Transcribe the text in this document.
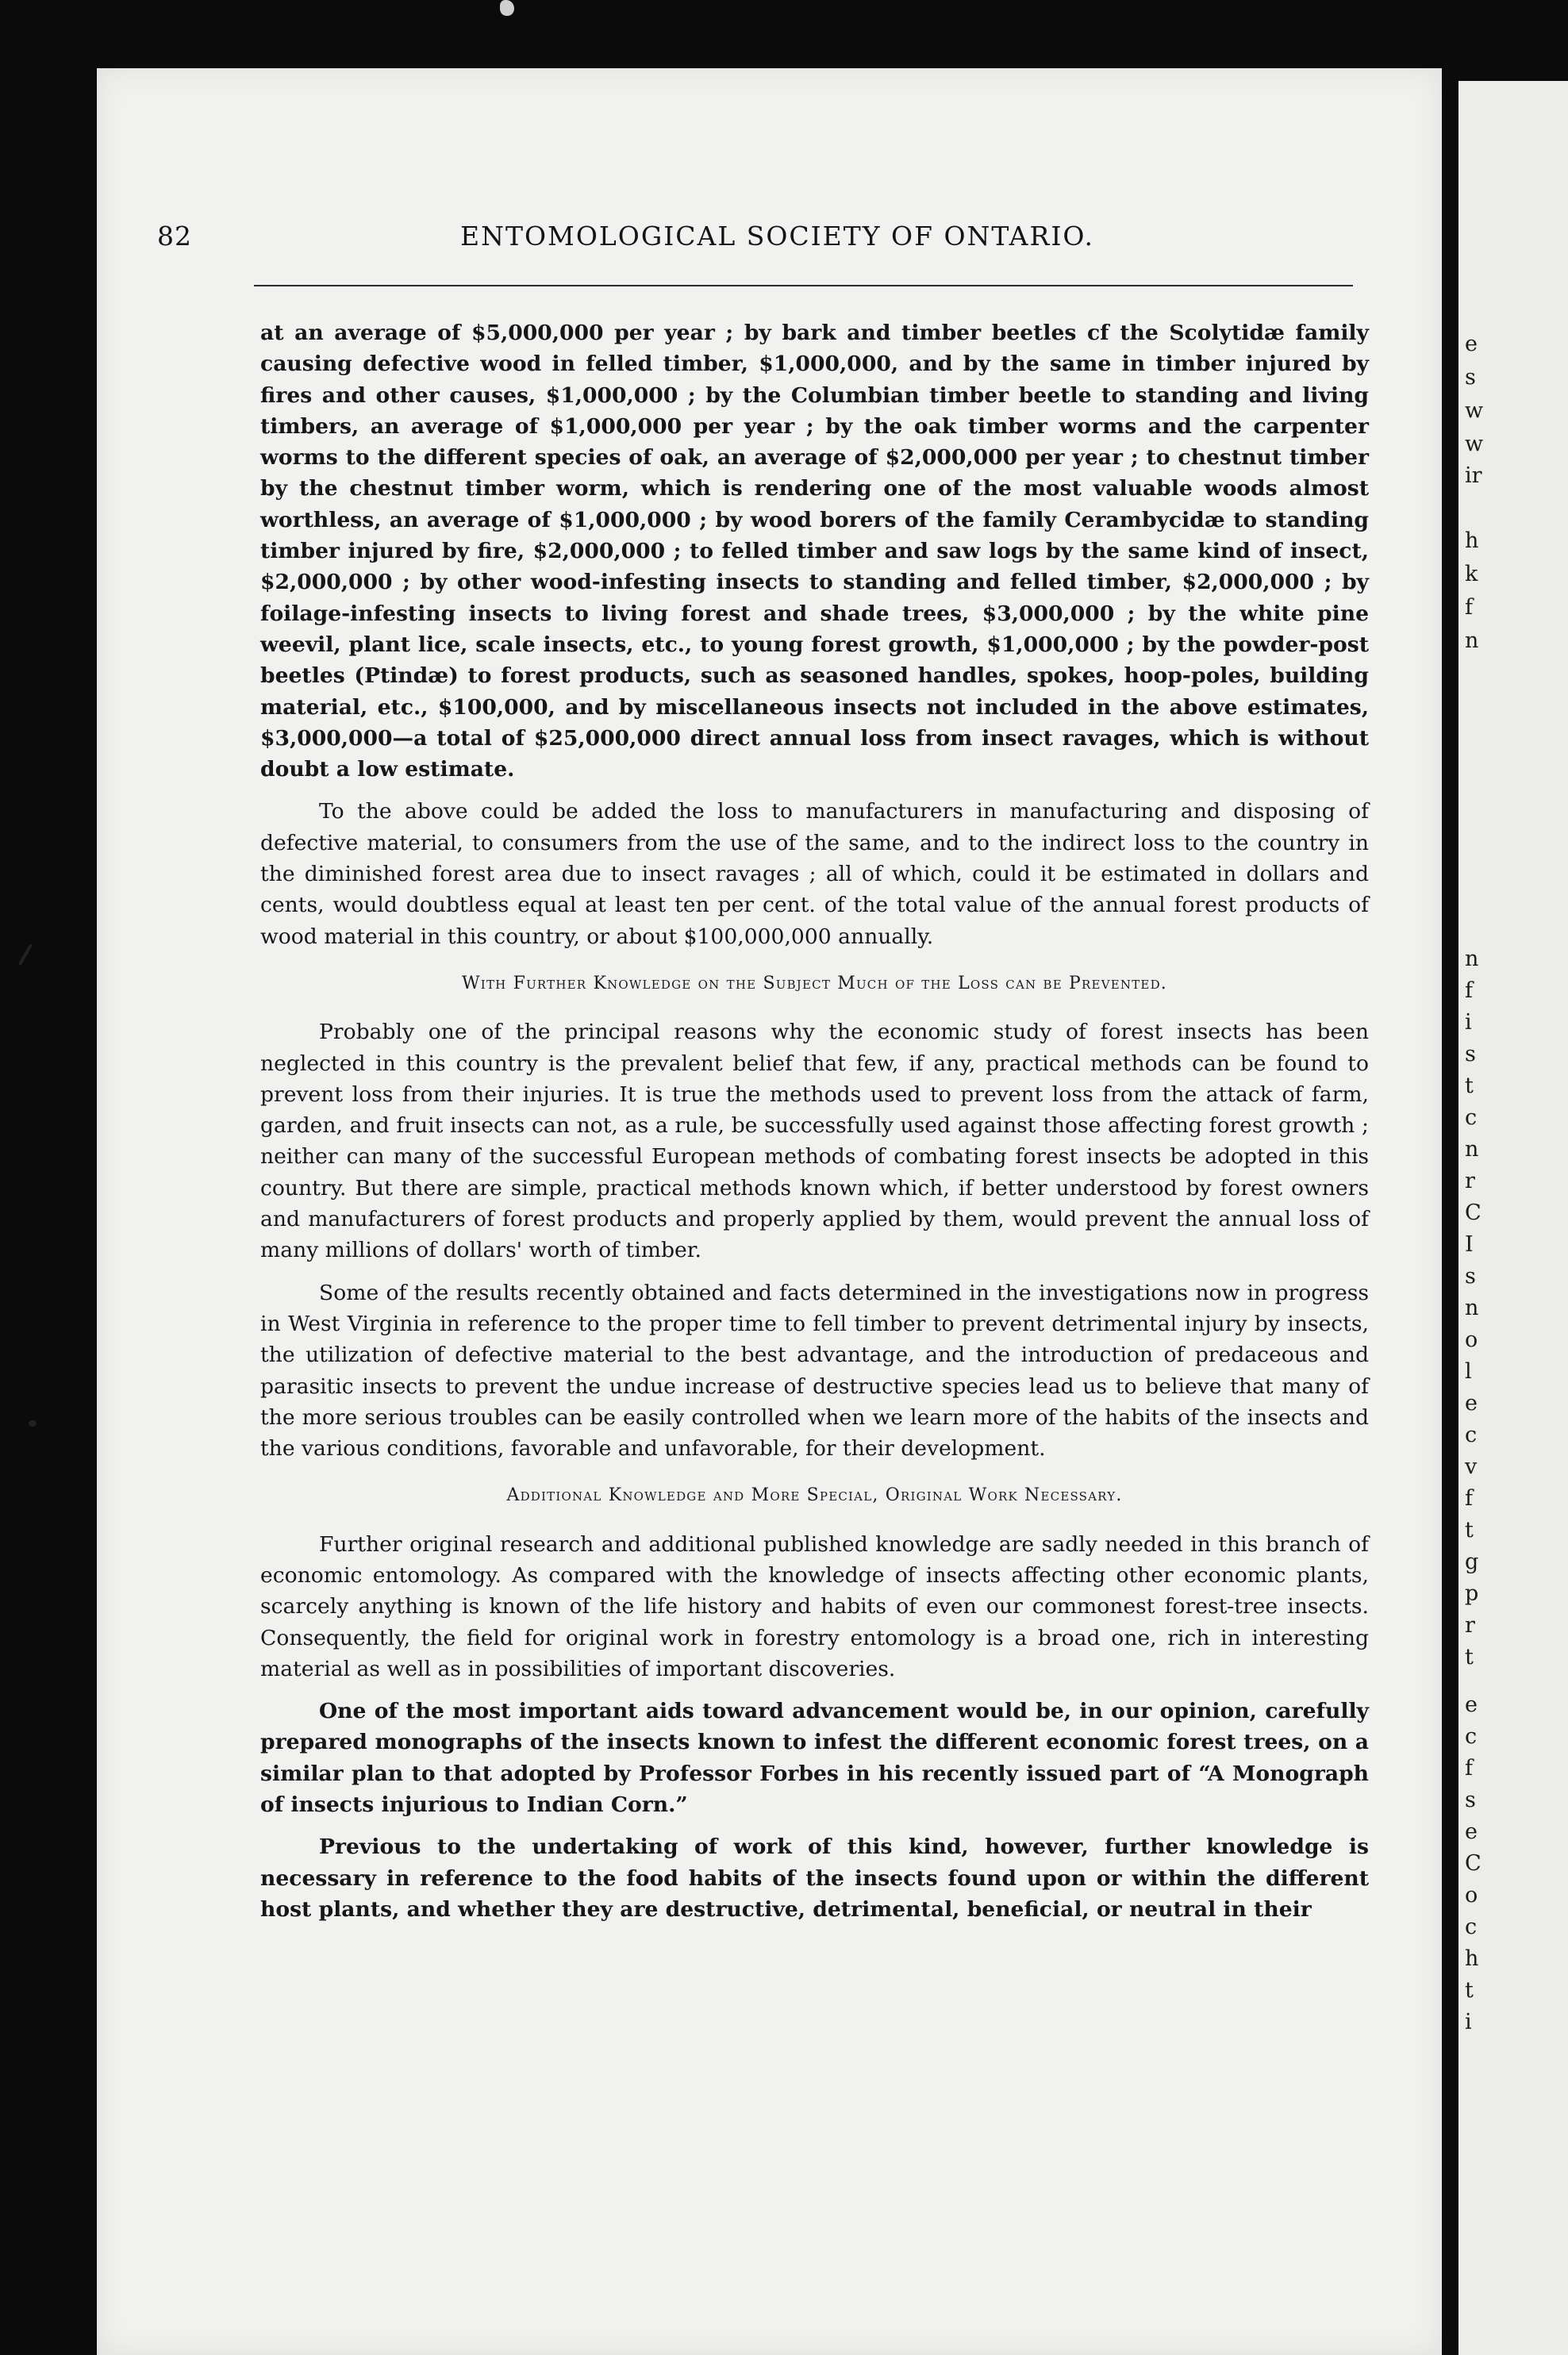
e
s
w
w
ir
h
k
f
n
n
f
i
s
t
c
n
r
C
I
s
n
o
l
e
c
v
f
t
g
p
r
t
e
c
f
s
e
C
o
c
h
t
i
82	ENTOMOLOGICAL SOCIETY OF ONTARIO.

at an average of $5,000,000 per year ; by bark and timber beetles cf the Scolytidæ family causing defective wood in felled timber, $1,000,000, and by the same in timber injured by fires and other causes, $1,000,000 ; by the Columbian timber beetle to standing and living timbers, an average of $1,000,000 per year ; by the oak timber worms and the carpenter worms to the different species of oak, an average of $2,000,000 per year ; to chestnut timber by the chestnut timber worm, which is rendering one of the most valuable woods almost worthless, an average of $1,000,000 ; by wood borers of the family Cerambycidæ to standing timber injured by fire, $2,000,000 ; to felled timber and saw logs by the same kind of insect, $2,000,000 ; by other wood-infesting insects to standing and felled timber, $2,000,000 ; by foilage-infesting insects to living forest and shade trees, $3,000,000 ; by the white pine weevil, plant lice, scale insects, etc., to young forest growth, $1,000,000 ; by the powder-post beetles (Ptindæ) to forest products, such as seasoned handles, spokes, hoop-poles, building material, etc., $100,000, and by miscellaneous insects not included in the above estimates, $3,000,000—a total of $25,000,000 direct annual loss from insect ravages, which is without doubt a low estimate.

To the above could be added the loss to manufacturers in manufacturing and disposing of defective material, to consumers from the use of the same, and to the indirect loss to the country in the diminished forest area due to insect ravages ; all of which, could it be estimated in dollars and cents, would doubtless equal at least ten per cent. of the total value of the annual forest products of wood material in this country, or about $100,000,000 annually.

With Further Knowledge on the Subject Much of the Loss can be Prevented.

Probably one of the principal reasons why the economic study of forest insects has been neglected in this country is the prevalent belief that few, if any, practical methods can be found to prevent loss from their injuries. It is true the methods used to prevent loss from the attack of farm, garden, and fruit insects can not, as a rule, be successfully used against those affecting forest growth ; neither can many of the successful European methods of combating forest insects be adopted in this country. But there are simple, practical methods known which, if better understood by forest owners and manufacturers of forest products and properly applied by them, would prevent the annual loss of many millions of dollars' worth of timber.

Some of the results recently obtained and facts determined in the investigations now in progress in West Virginia in reference to the proper time to fell timber to prevent detrimental injury by insects, the utilization of defective material to the best advantage, and the introduction of predaceous and parasitic insects to prevent the undue increase of destructive species lead us to believe that many of the more serious troubles can be easily controlled when we learn more of the habits of the insects and the various conditions, favorable and unfavorable, for their development.

Additional Knowledge and More Special, Original Work Necessary.

Further original research and additional published knowledge are sadly needed in this branch of economic entomology. As compared with the knowledge of insects affecting other economic plants, scarcely anything is known of the life history and habits of even our commonest forest-tree insects. Consequently, the field for original work in forestry entomology is a broad one, rich in interesting material as well as in possibilities of important discoveries.

One of the most important aids toward advancement would be, in our opinion, carefully prepared monographs of the insects known to infest the different economic forest trees, on a similar plan to that adopted by Professor Forbes in his recently issued part of “A Monograph of insects injurious to Indian Corn.”

Previous to the undertaking of work of this kind, however, further knowledge is necessary in reference to the food habits of the insects found upon or within the different host plants, and whether they are destructive, detrimental, beneficial, or neutral in their
